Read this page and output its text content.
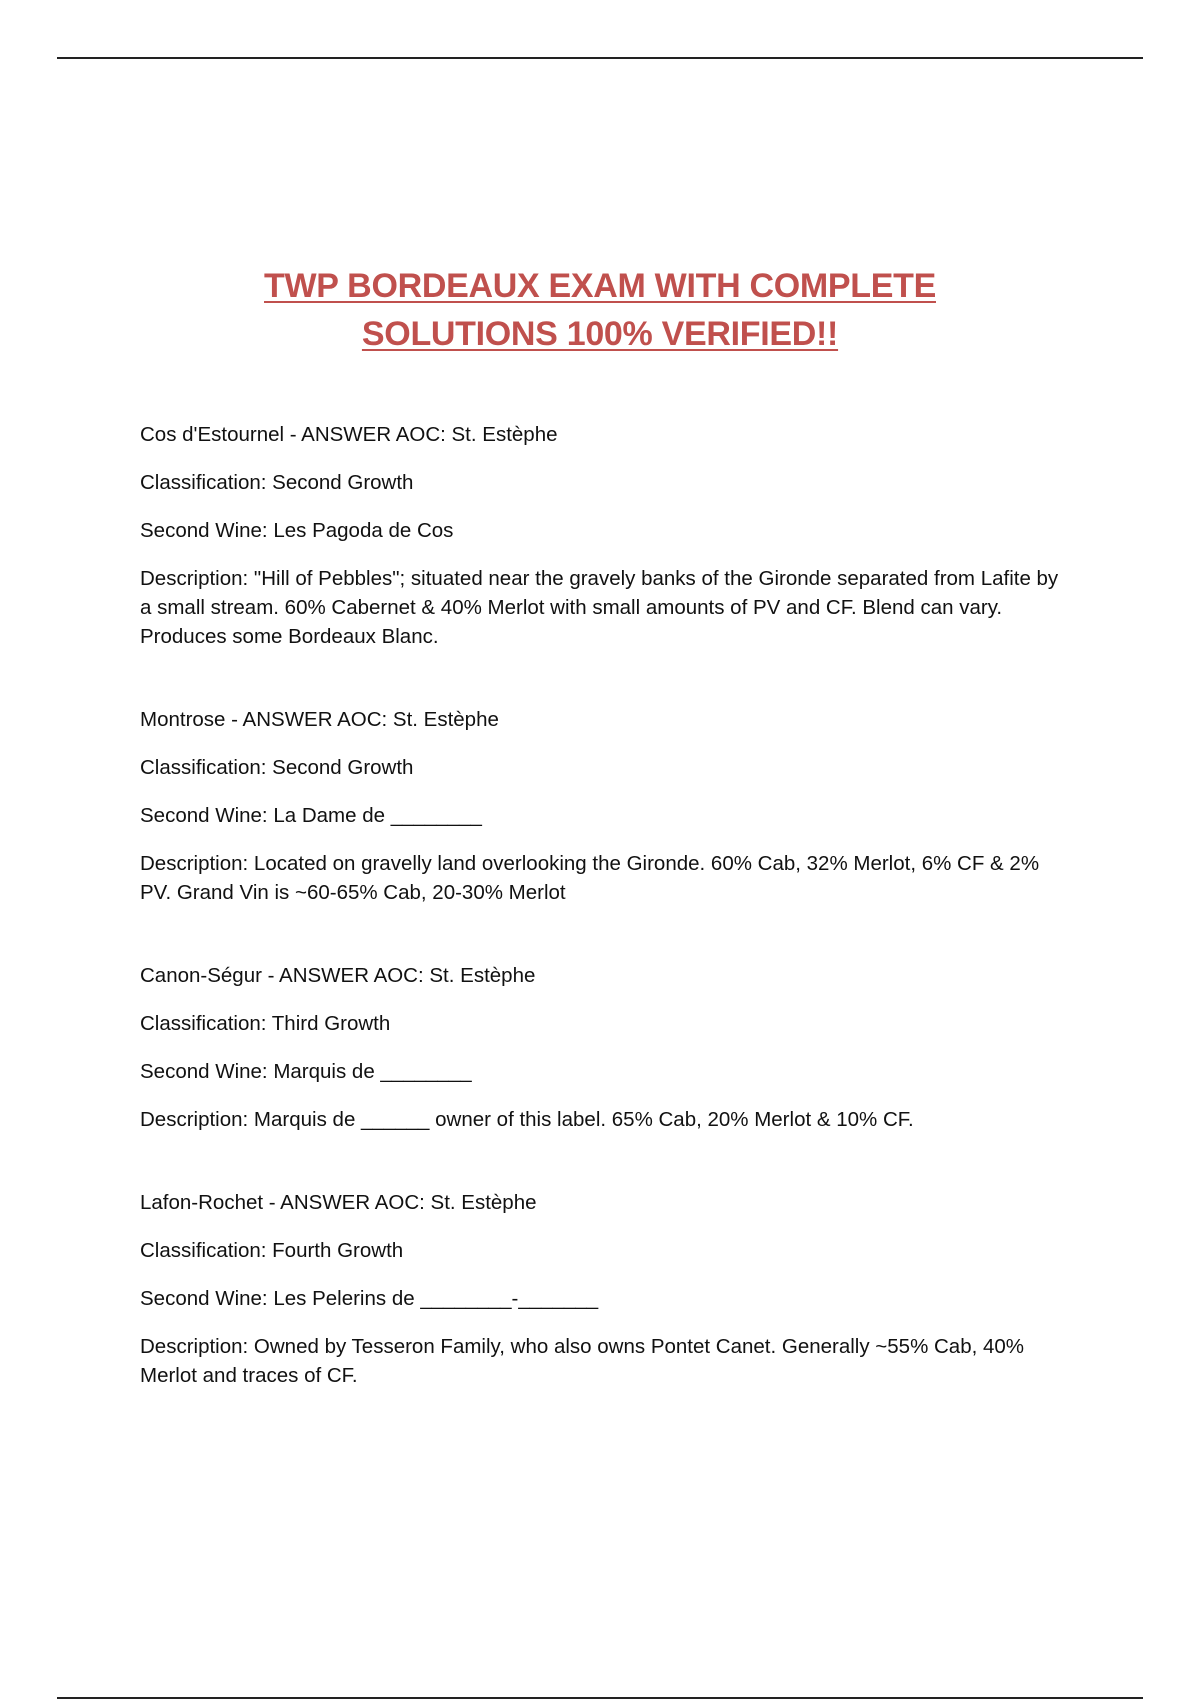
TWP BORDEAUX EXAM WITH COMPLETE
SOLUTIONS 100% VERIFIED!!
Cos d'Estournel - ANSWER AOC: St. Estèphe
Classification: Second Growth
Second Wine: Les Pagoda de Cos
Description: "Hill of Pebbles"; situated near the gravely banks of the Gironde separated from Lafite by a small stream. 60% Cabernet & 40% Merlot with small amounts of PV and CF. Blend can vary. Produces some Bordeaux Blanc.
Montrose - ANSWER AOC: St. Estèphe
Classification: Second Growth
Second Wine: La Dame de ________
Description: Located on gravelly land overlooking the Gironde. 60% Cab, 32% Merlot, 6% CF & 2% PV. Grand Vin is ~60-65% Cab, 20-30% Merlot
Canon-Ségur - ANSWER AOC: St. Estèphe
Classification: Third Growth
Second Wine: Marquis de ________
Description: Marquis de ______ owner of this label. 65% Cab, 20% Merlot & 10% CF.
Lafon-Rochet - ANSWER AOC: St. Estèphe
Classification: Fourth Growth
Second Wine: Les Pelerins de ________-_______
Description: Owned by Tesseron Family, who also owns Pontet Canet. Generally ~55% Cab, 40% Merlot and traces of CF.
